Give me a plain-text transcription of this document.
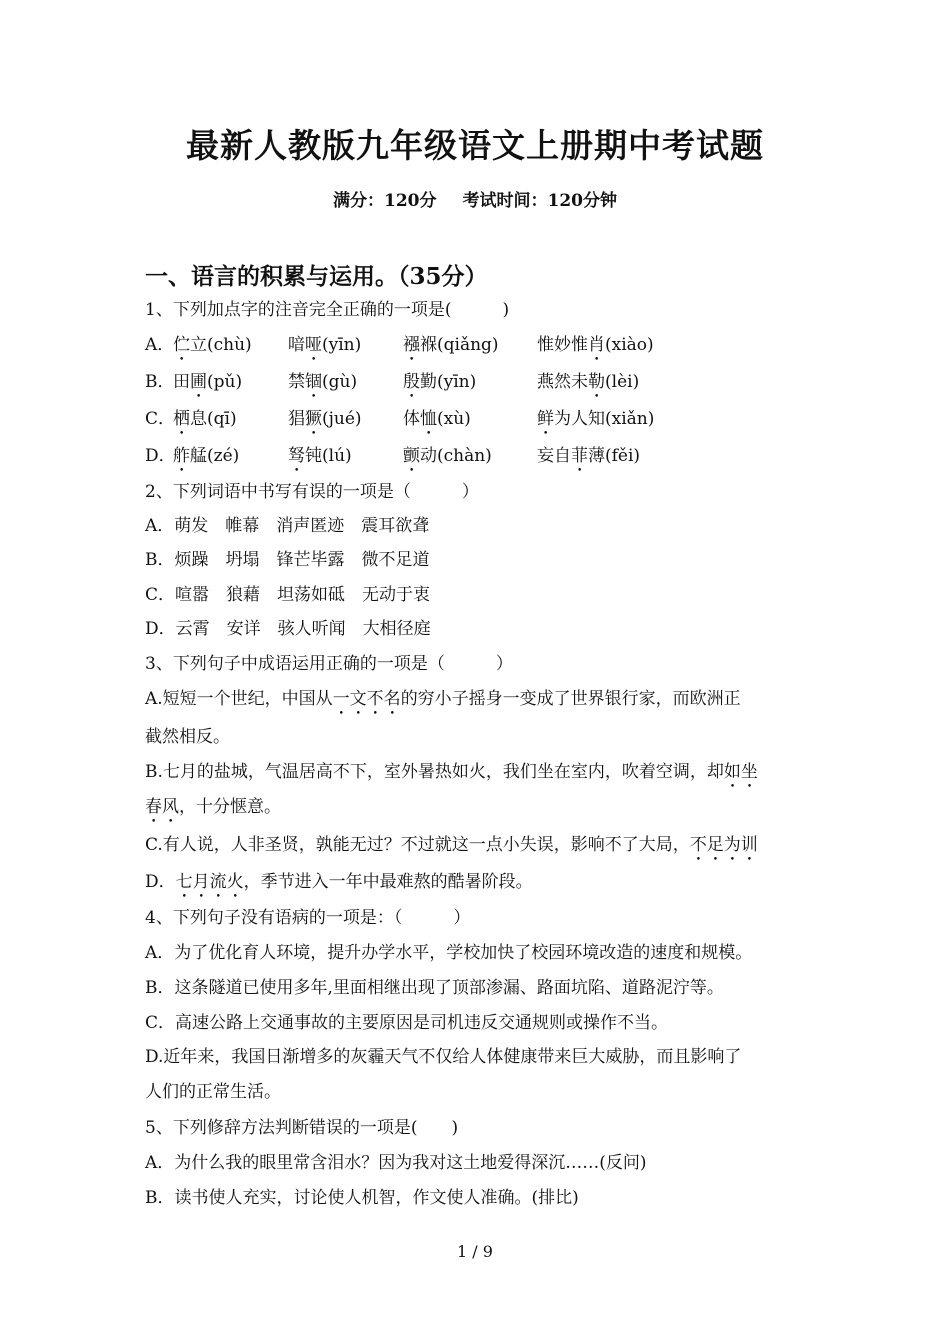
最新人教版九年级语文上册期中考试题
满分：120分 考试时间：120分钟
一、语言的积累与运用。（35分）
1、下列加点字的注音完全正确的一项是(　　　)
A．
伫立(chù) 喑哑(yīn) 襁褓(qiǎng) 惟妙惟肖(xiào)
B．
田圃(pǔ)	禁锢(gù)	殷勤(yīn)	燕然未勒(lèi)
C．
栖息(qī)	猖獗(jué) 体恤(xù)	鲜为人知(xiǎn)
D．
舴艋(zé)	驽钝(lú)	颤动(chàn)	妄自菲薄(fěi)
2、下列词语中书写有误的一项是（　　　）
A．萌发　帷幕　消声匿迹　震耳欲聋
B．烦躁　坍塌　锋芒毕露　微不足道
C．喧嚣　狼藉　坦荡如砥　无动于衷
D．云霄　安详　骇人听闻　大相径庭
3、下列句子中成语运用正确的一项是（　　　）
A.短短一个世纪，中国从一文不名的穷小子摇身一变成了世界银行家，而欧洲正
截然相反。
B.七月的盐城，气温居高不下，室外暑热如火，我们坐在室内，吹着空调，却如坐
春风，十分惬意。
C.有人说，人非圣贤，孰能无过？不过就这一点小失误，影响不了大局，不足为训
D．七月流火，季节进入一年中最难熬的酷暑阶段。
4、下列句子没有语病的一项是：（　　　）
A．为了优化育人环境，提升办学水平，学校加快了校园环境改造的速度和规模。
B．这条隧道已使用多年,里面相继出现了顶部渗漏、路面坑陷、道路泥泞等。
C．高速公路上交通事故的主要原因是司机违反交通规则或操作不当。
D.近年来，我国日渐增多的灰霾天气不仅给人体健康带来巨大威胁，而且影响了
人们的正常生活。
5、下列修辞方法判断错误的一项是(　　)
A．为什么我的眼里常含泪水？因为我对这土地爱得深沉……(反问)
B．读书使人充实，讨论使人机智，作文使人准确。(排比)
1 / 9
